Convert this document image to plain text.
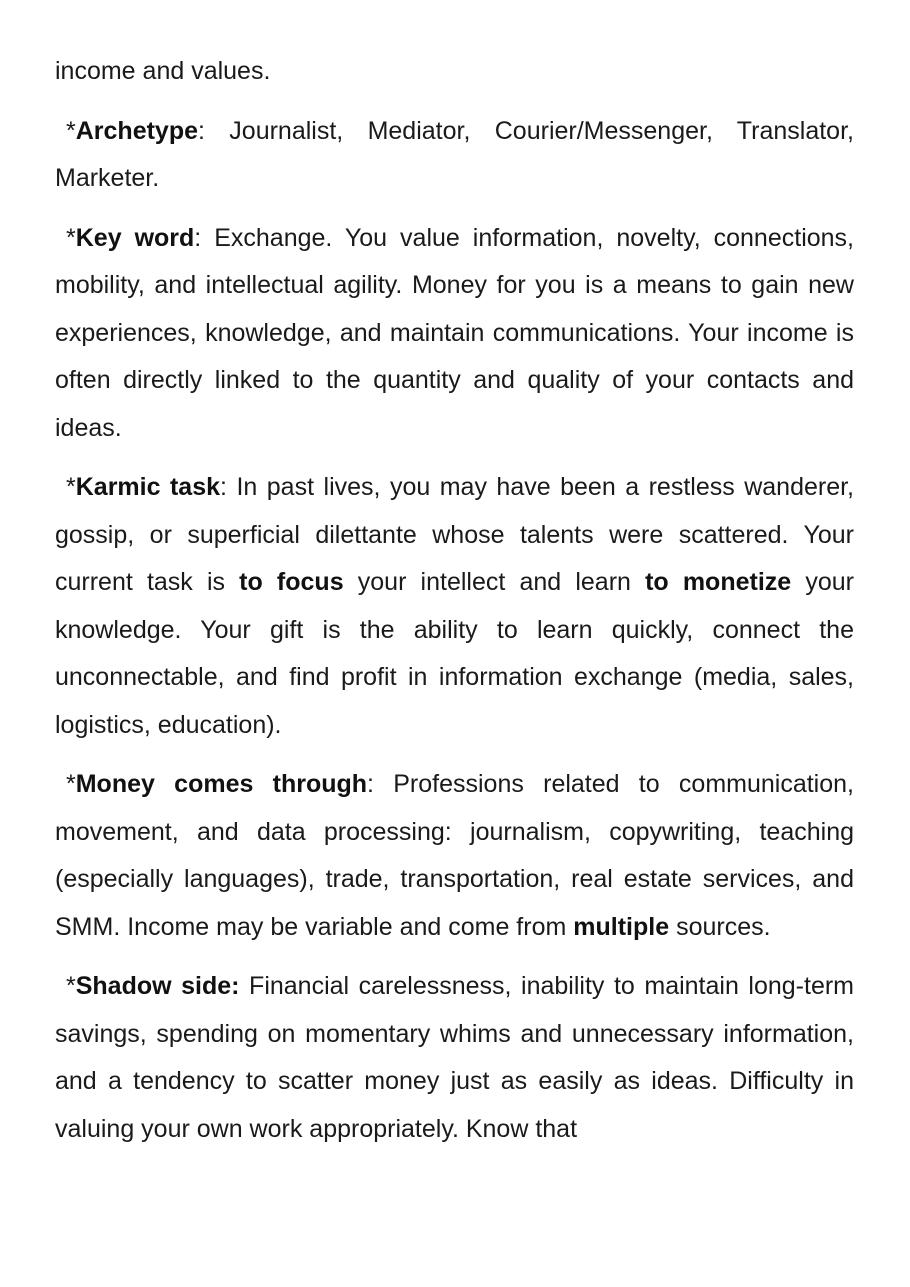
income and values.

*Archetype: Journalist, Mediator, Courier/Messenger, Translator, Marketer.

*Key word: Exchange. You value information, novelty, connections, mobility, and intellectual agility. Money for you is a means to gain new experiences, knowledge, and maintain communications. Your income is often directly linked to the quantity and quality of your contacts and ideas.

*Karmic task: In past lives, you may have been a restless wanderer, gossip, or superficial dilettante whose talents were scattered. Your current task is to focus your intellect and learn to monetize your knowledge. Your gift is the ability to learn quickly, connect the unconnectable, and find profit in information exchange (media, sales, logistics, education).

*Money comes through: Professions related to communication, movement, and data processing: journalism, copywriting, teaching (especially languages), trade, transportation, real estate services, and SMM. Income may be variable and come from multiple sources.

*Shadow side: Financial carelessness, inability to maintain long-term savings, spending on momentary whims and unnecessary information, and a tendency to scatter money just as easily as ideas. Difficulty in valuing your own work appropriately. Know that
